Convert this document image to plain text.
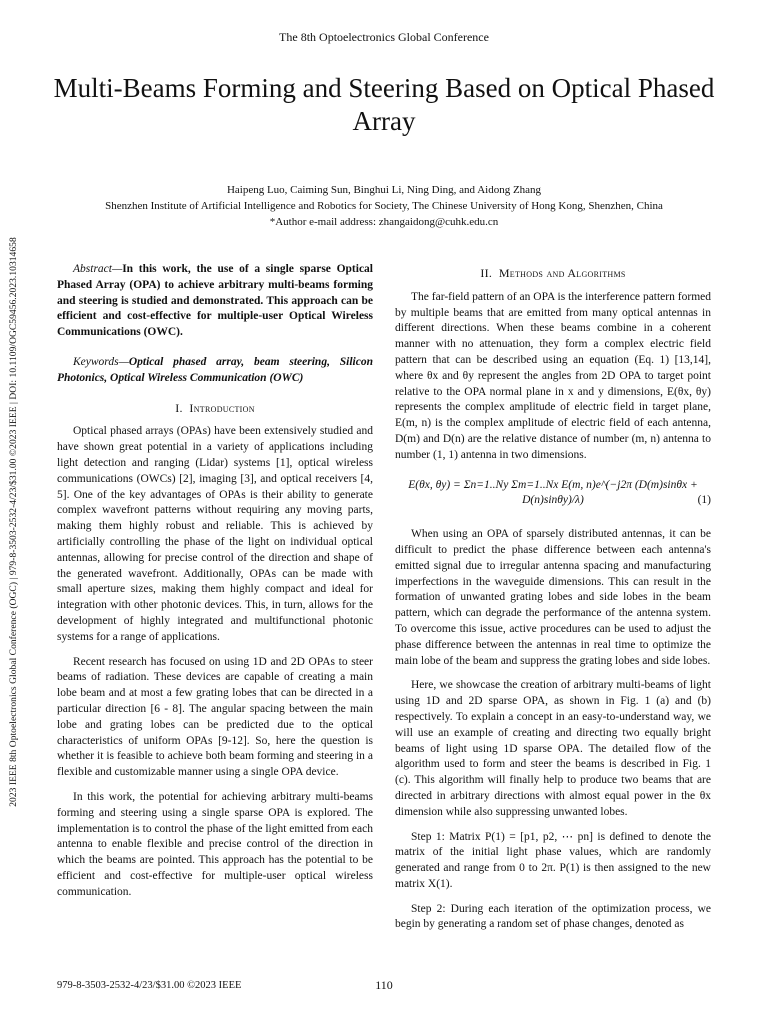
The 8th Optoelectronics Global Conference
Multi-Beams Forming and Steering Based on Optical Phased Array
Haipeng Luo, Caiming Sun, Binghui Li, Ning Ding, and Aidong Zhang
Shenzhen Institute of Artificial Intelligence and Robotics for Society, The Chinese University of Hong Kong, Shenzhen, China
*Author e-mail address: zhangaidong@cuhk.edu.cn
2023 IEEE 8th Optoelectronics Global Conference (OGC) | 979-8-3503-2532-4/23/$31.00 ©2023 IEEE | DOI: 10.1109/OGC59456.2023.10314658	Abstract—In this work, the use of a single sparse Optical Phased Array (OPA) to achieve arbitrary multi-beams forming and steering is studied and demonstrated. This approach can be efficient and cost-effective for multiple-user Optical Wireless Communications (OWC).

Keywords—Optical phased array, beam steering, Silicon Photonics, Optical Wireless Communication (OWC)

I. Introduction

Optical phased arrays (OPAs) have been extensively studied and have shown great potential in a variety of applications including light detection and ranging (Lidar) systems [1], optical wireless communications (OWCs) [2], imaging [3], and optical receivers [4, 5]. One of the key advantages of OPAs is their ability to generate complex wavefront patterns without requiring any moving parts, making them highly robust and reliable. This is achieved by artificially controlling the phase of the light on individual optical antennas, allowing for precise control of the direction and shape of the generated wavefront. Additionally, OPAs can be made with small aperture sizes, making them highly compact and ideal for integration with other photonic devices. This, in turn, allows for the development of highly integrated and multifunctional photonic systems for a range of applications.

Recent research has focused on using 1D and 2D OPAs to steer beams of radiation. These devices are capable of creating a main lobe beam and at most a few grating lobes that can be directed in a particular direction [6 - 8]. The angular spacing between the main lobe and grating lobes can be predicted due to the optical characteristics of uniform OPAs [9-12]. So, here the question is whether it is feasible to achieve both beam forming and steering in a flexible and customizable manner using a single OPA device.

In this work, the potential for achieving arbitrary multi-beams forming and steering using a single sparse OPA is explored. The implementation is to control the phase of the light emitted from each antenna to enable flexible and precise control of the direction in which the beams are pointed. This approach has the potential to be efficient and cost-effective for multiple-user optical wireless communication.

II. Methods and Algorithms

The far-field pattern of an OPA is the interference pattern formed by multiple beams that are emitted from many optical antennas in different directions. When these beams combine in a coherent manner with no attenuation, they form a complex electric field pattern that can be described using an equation (Eq. 1) [13,14], where θx and θy represent the angles from 2D OPA to target point relative to the OPA normal plane in x and y dimensions, E(θx, θy) represents the complex amplitude of electric field in target plane, E(m, n) is the complex amplitude of electric field of each antenna, D(m) and D(n) are the relative distance of number (m, n) antenna to number (1, 1) antenna in two dimensions.

E(θx, θy) = Σn=1..Ny Σm=1..Nx E(m, n)e^(−j2π (D(m)sinθx + D(n)sinθy)/λ)	(1)

When using an OPA of sparsely distributed antennas, it can be difficult to predict the phase difference between each antenna's emitted signal due to irregular antenna spacing and manufacturing imperfections in the waveguide dimensions. This can result in the formation of unwanted grating lobes and side lobes in the beam pattern, which can degrade the performance of the antenna system. To overcome this issue, active procedures can be used to adjust the phase difference between the antennas in real time to optimize the main lobe of the beam and suppress the grating lobes and side lobes.

Here, we showcase the creation of arbitrary multi-beams of light using 1D and 2D sparse OPA, as shown in Fig. 1 (a) and (b) respectively. To explain a concept in an easy-to-understand way, we will use an example of creating and directing two equally bright beams of light using 1D sparse OPA. The detailed flow of the algorithm used to form and steer the beams is described in Fig. 1 (c). This algorithm will finally help to produce two beams that are directed in arbitrary directions with almost equal power in the θx dimension while also suppressing unwanted lobes.

Step 1: Matrix P(1) = [p1, p2, ⋯ pn] is defined to denote the matrix of the initial light phase values, which are randomly generated and range from 0 to 2π. P(1) is then assigned to the new matrix X(1).

Step 2: During each iteration of the optimization process, we begin by generating a random set of phase changes, denoted as

979-8-3503-2532-4/23/$31.00 ©2023 IEEE	110
